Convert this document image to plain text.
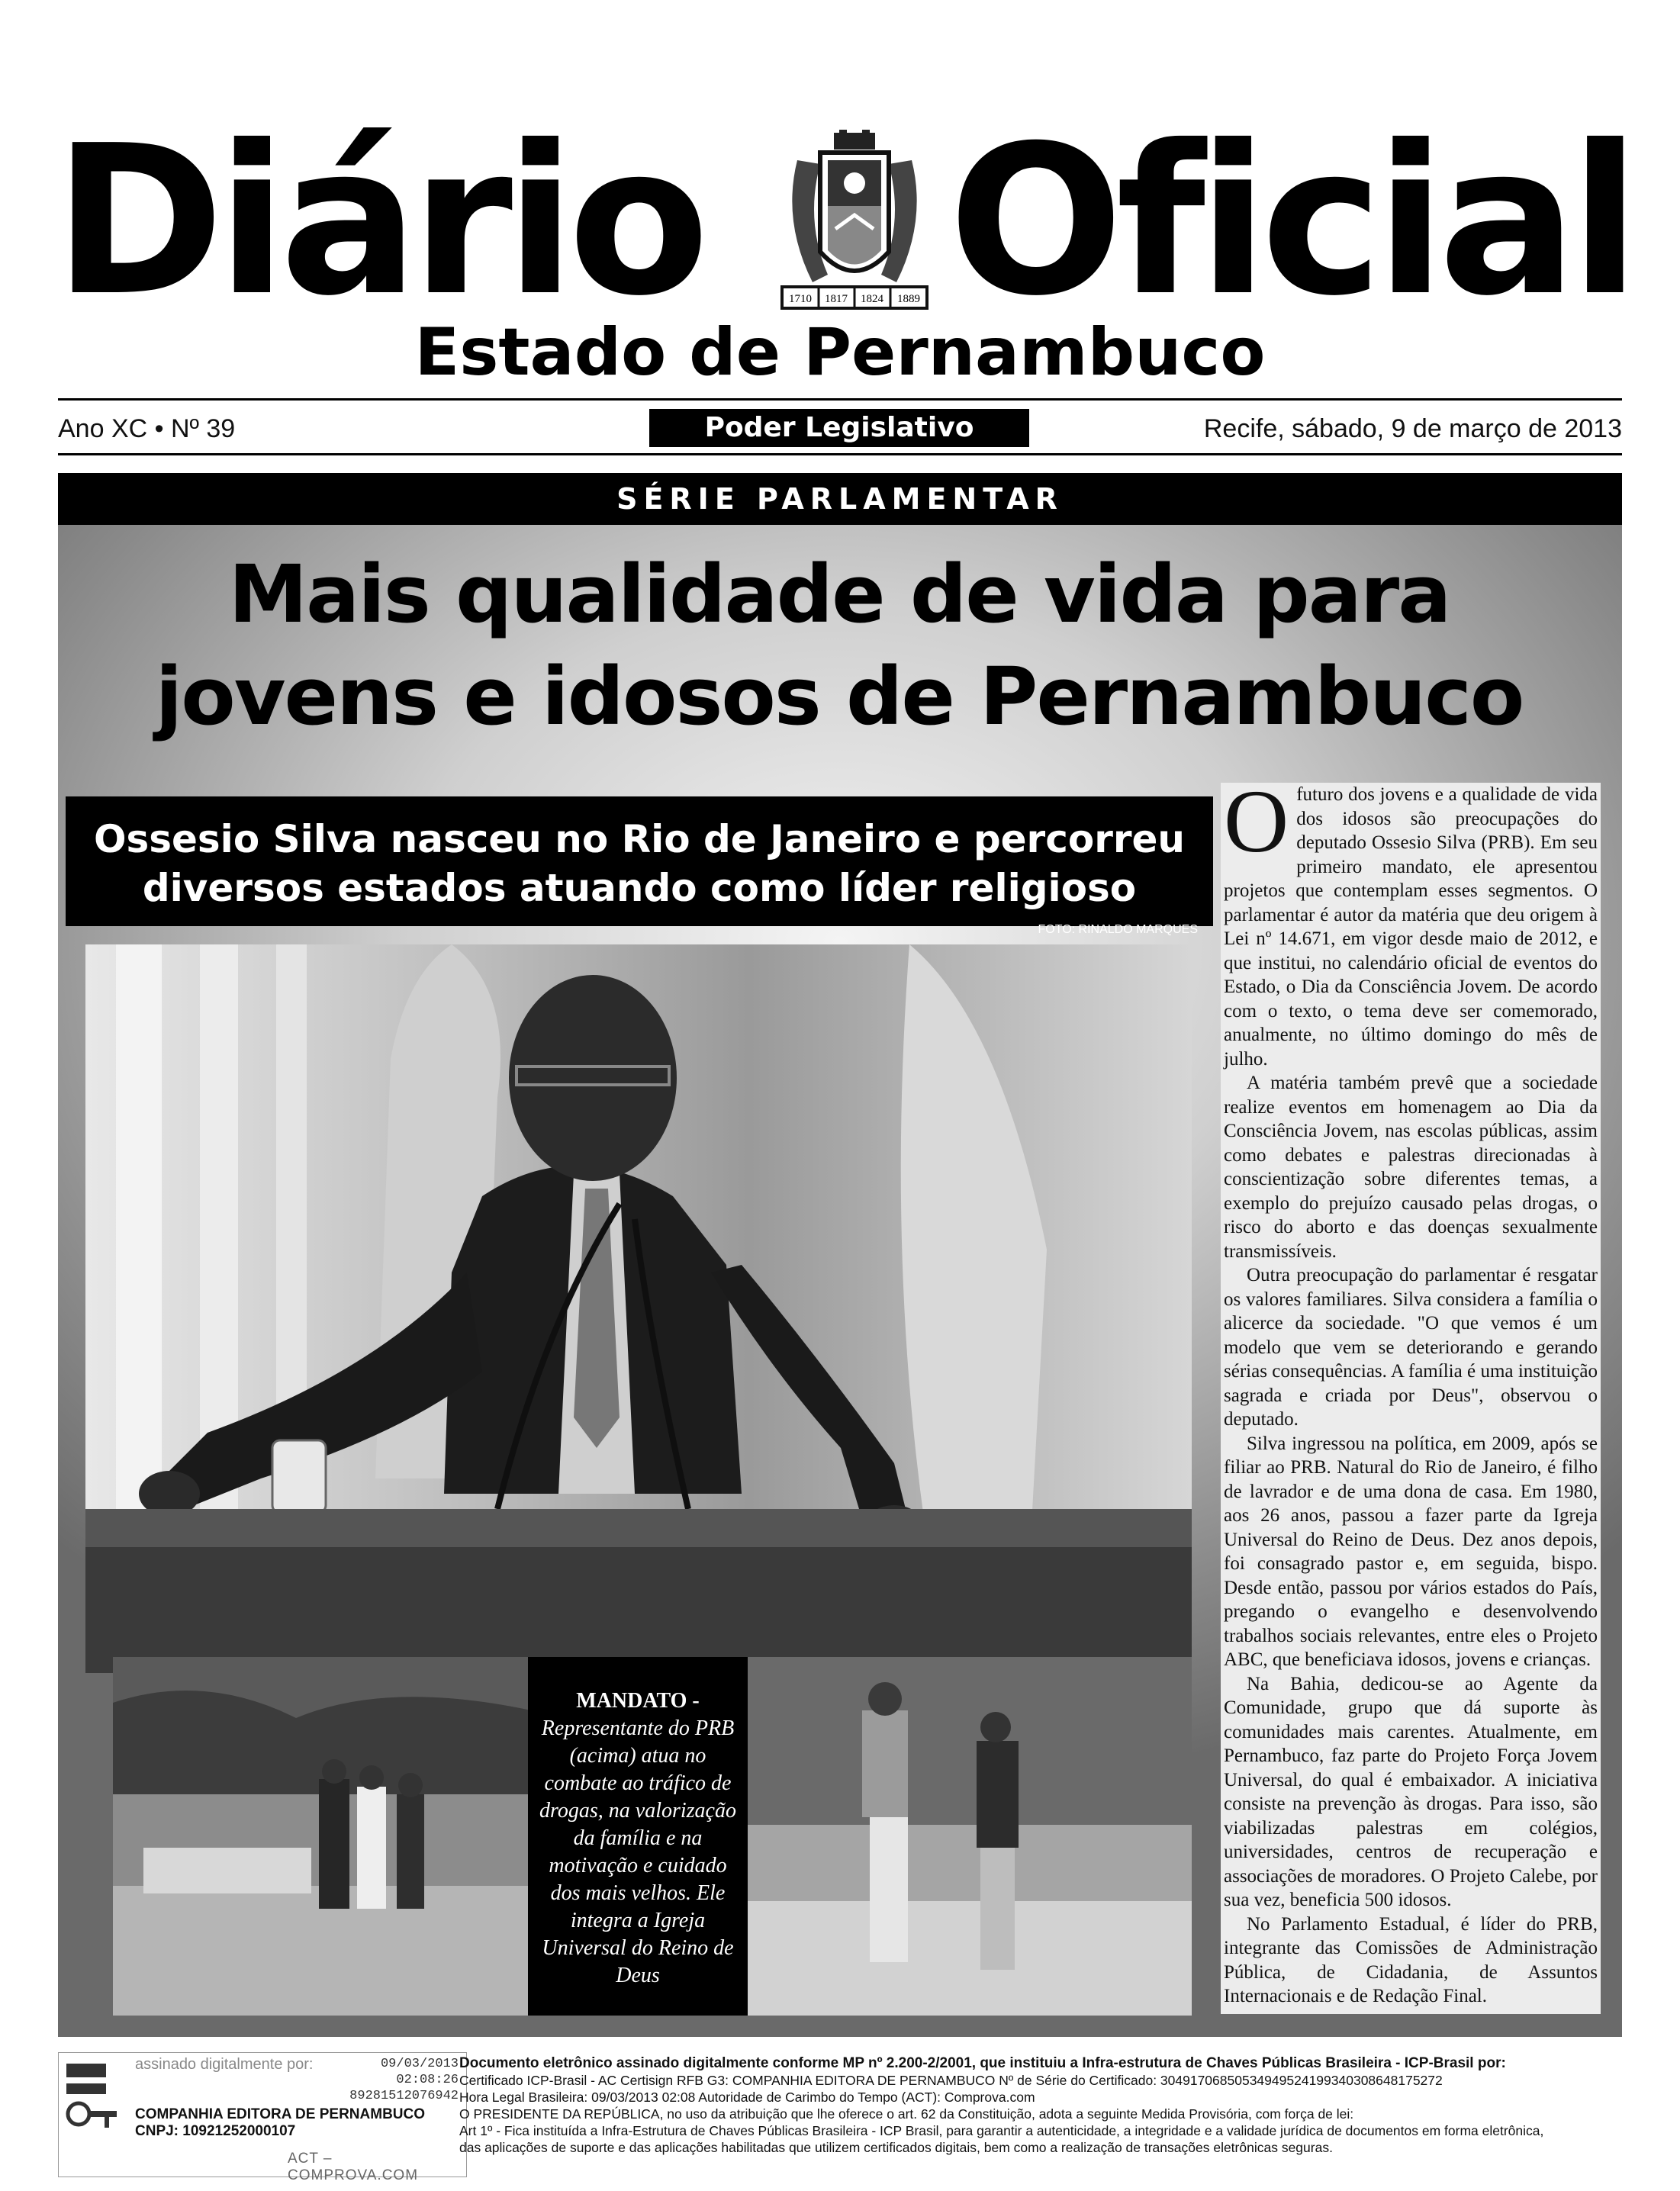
Diário	1710 1817 1824 1889 Oficial
Estado de Pernambuco
Ano XC • Nº 39	Poder Legislativo	Recife, sábado, 9 de março de 2013
SÉRIE PARLAMENTAR
Mais qualidade de vida para
jovens e idosos de Pernambuco
Ossesio Silva nasceu no Rio de Janeiro e percorreu
diversos estados atuando como líder religioso
FOTO: RINALDO MARQUES
MANDATO -
Representante do PRB (acima) atua no combate ao tráfico de drogas, na valorização da família e na motivação e cuidado dos mais velhos. Ele integra a Igreja Universal do Reino de Deus

Ofuturo dos jovens e a qualidade de vida dos idosos são preocupações do deputado Ossesio Silva (PRB). Em seu primeiro mandato, ele apresentou projetos que contemplam esses segmentos. O parlamentar é autor da matéria que deu origem à Lei nº 14.671, em vigor desde maio de 2012, e que institui, no calendário oficial de eventos do Estado, o Dia da Consciência Jovem. De acordo com o texto, o tema deve ser comemorado, anualmente, no último domingo do mês de julho.

A matéria também prevê que a sociedade realize eventos em homenagem ao Dia da Consciência Jovem, nas escolas públicas, assim como debates e palestras direcionadas à conscientização sobre diferentes temas, a exemplo do prejuízo causado pelas drogas, o risco do aborto e das doenças sexualmente transmissíveis.

Outra preocupação do parlamentar é resgatar os valores familiares. Silva considera a família o alicerce da sociedade. "O que vemos é um modelo que vem se deteriorando e gerando sérias consequências. A família é uma instituição sagrada e criada por Deus", observou o deputado.

Silva ingressou na política, em 2009, após se filiar ao PRB. Natural do Rio de Janeiro, é filho de lavrador e de uma dona de casa. Em 1980, aos 26 anos, passou a fazer parte da Igreja Universal do Reino de Deus. Dez anos depois, foi consagrado pastor e, em seguida, bispo. Desde então, passou por vários estados do País, pregando o evangelho e desenvolvendo trabalhos sociais relevantes, entre eles o Projeto ABC, que beneficiava idosos, jovens e crianças.

Na Bahia, dedicou-se ao Agente da Comunidade, grupo que dá suporte às comunidades mais carentes. Atualmente, em Pernambuco, faz parte do Projeto Força Jovem Universal, do qual é embaixador. A iniciativa consiste na prevenção às drogas. Para isso, são viabilizadas palestras em colégios, universidades, centros de recuperação e associações de moradores. O Projeto Calebe, por sua vez, beneficia 500 idosos.

No Parlamento Estadual, é líder do PRB, integrante das Comissões de Administração Pública, de Cidadania, de Assuntos Internacionais e de Redação Final.

assinado digitalmente por:	09/03/2013
02:08:26
89281512076942
COMPANHIA EDITORA DE PERNAMBUCO
CNPJ: 10921252000107
ACT – COMPROVA.COM
Documento eletrônico assinado digitalmente conforme MP nº 2.200-2/2001, que instituiu a Infra-estrutura de Chaves Públicas Brasileira - ICP-Brasil por:
Certificado ICP-Brasil - AC Certisign RFB G3: COMPANHIA EDITORA DE PERNAMBUCO Nº de Série do Certificado: 30491706850534949524199340308648175272
Hora Legal Brasileira: 09/03/2013 02:08 Autoridade de Carimbo do Tempo (ACT): Comprova.com
O PRESIDENTE DA REPÚBLICA, no uso da atribuição que lhe oferece o art. 62 da Constituição, adota a seguinte Medida Provisória, com força de lei:
Art 1º - Fica instituída a Infra-Estrutura de Chaves Públicas Brasileira - ICP Brasil, para garantir a autenticidade, a integridade e a validade jurídica de documentos em forma eletrônica,
das aplicações de suporte e das aplicações habilitadas que utilizem certificados digitais, bem como a realização de transações eletrônicas seguras.
